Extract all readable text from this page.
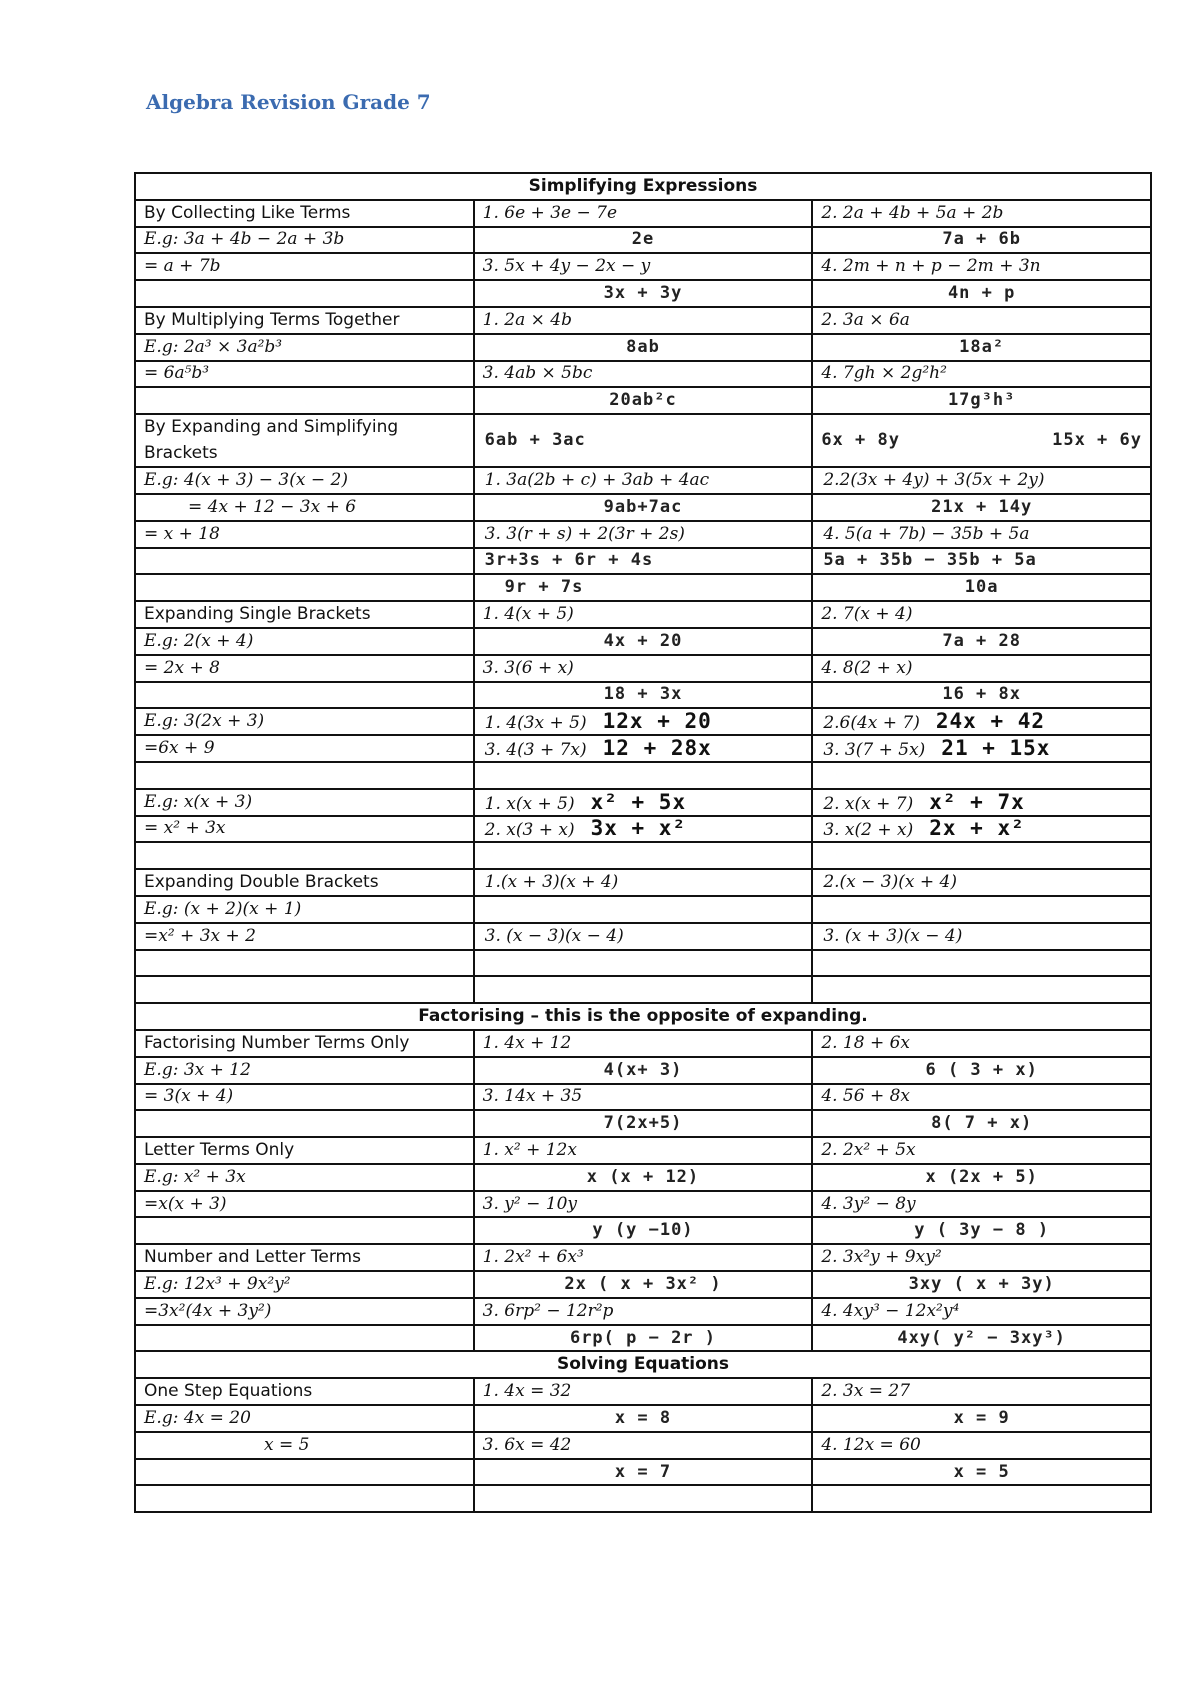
Algebra Revision Grade 7
Simplifying Expressions		
By Collecting Like Terms	1. 6e + 3e − 7e	2. 2a + 4b + 5a + 2b
E.g: 3a + 4b − 2a + 3b	2e	7a + 6b
= a + 7b	3. 5x + 4y − 2x − y	4. 2m + n + p − 2m + 3n
	3x + 3y	4n + p
By Multiplying Terms Together	1. 2a × 4b	2. 3a × 6a
E.g: 2a³ × 3a²b³	8ab	18a²
= 6a⁵b³	3. 4ab × 5bc	4. 7gh × 2g²h²
	20ab²c	17g³h³
By Expanding and Simplifying Brackets	6ab + 3ac	6x + 8y 15x + 6y

E.g: 4(x + 3) − 3(x − 2)	1. 3a(2b + c) + 3ab + 4ac	2.2(3x + 4y) + 3(5x + 2y)
= 4x + 12 − 3x + 6	9ab+7ac	21x + 14y
= x + 18	3. 3(r + s) + 2(3r + 2s)	4. 5(a + 7b) − 35b + 5a
	3r+3s + 6r + 4s	5a + 35b − 35b + 5a
	9r + 7s	10a
Expanding Single Brackets	1. 4(x + 5)	2. 7(x + 4)
E.g: 2(x + 4)	4x + 20	7a + 28
= 2x + 8	3. 3(6 + x)	4. 8(2 + x)
	18 + 3x	16 + 8x
E.g: 3(2x + 3)	1. 4(3x + 5) 12x + 20	2.6(4x + 7) 24x + 42
=6x + 9	3. 4(3 + 7x) 12 + 28x	3. 3(7 + 5x) 21 + 15x

E.g: x(x + 3)	1. x(x + 5) x² + 5x	2. x(x + 7) x² + 7x
= x² + 3x	2. x(3 + x) 3x + x²	3. x(2 + x) 2x + x²

Expanding Double Brackets	1.(x + 3)(x + 4)	2.(x − 3)(x + 4)
E.g: (x + 2)(x + 1)		
=x² + 3x + 2	3. (x − 3)(x − 4)	3. (x + 3)(x − 4)

Factorising – this is the opposite of expanding.		
Factorising Number Terms Only	1. 4x + 12	2. 18 + 6x
E.g: 3x + 12	4(x+ 3)	6 ( 3 + x)
= 3(x + 4)	3. 14x + 35	4. 56 + 8x
	7(2x+5)	8( 7 + x)
Letter Terms Only	1. x² + 12x	2. 2x² + 5x
E.g: x² + 3x	x (x + 12)	x (2x + 5)
=x(x + 3)	3. y² − 10y	4. 3y² − 8y
	y (y −10)	y ( 3y − 8 )
Number and Letter Terms	1. 2x² + 6x³	2. 3x²y + 9xy²
E.g: 12x³ + 9x²y²	2x ( x + 3x² )	3xy ( x + 3y)
=3x²(4x + 3y²)	3. 6rp² − 12r²p	4. 4xy³ − 12x²y⁴
	6rp( p − 2r )	4xy( y² − 3xy³)
Solving Equations		
One Step Equations	1. 4x = 32	2. 3x = 27
E.g: 4x = 20	x = 8	x = 9
x = 5	3. 6x = 42	4. 12x = 60
	x = 7	x = 5
